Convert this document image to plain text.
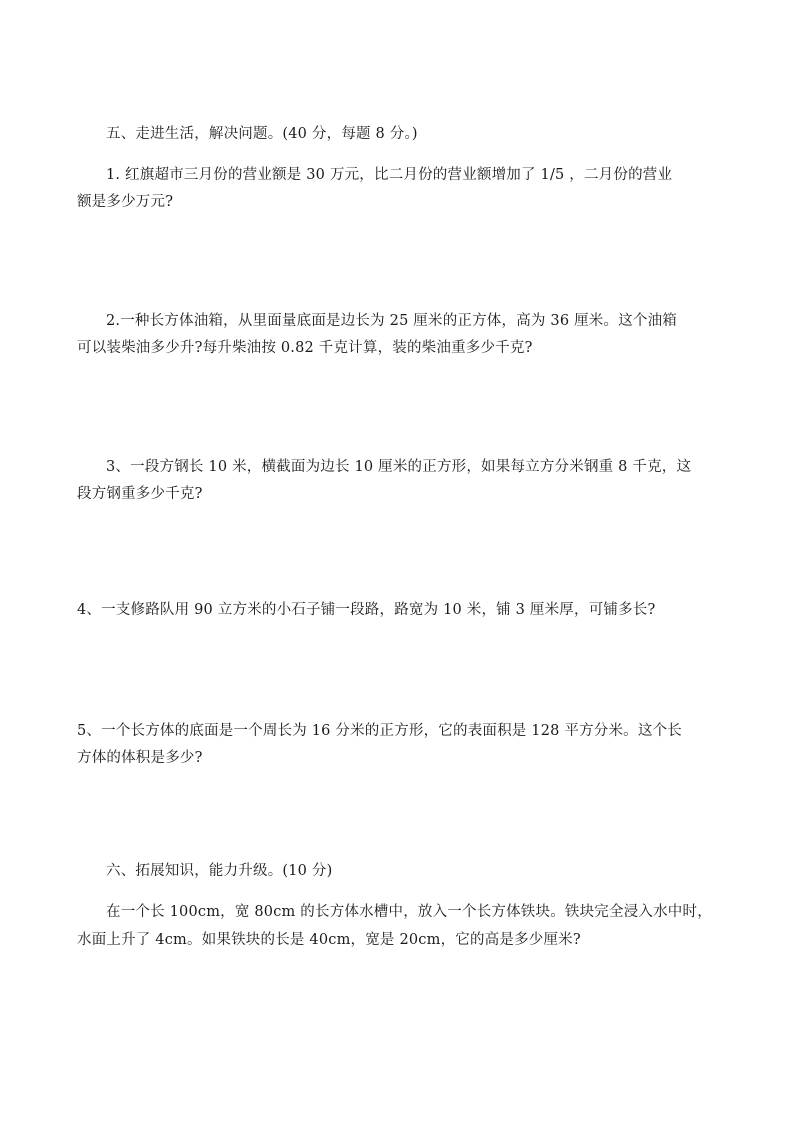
五、走进生活，解决问题。(40 分，每题 8 分。)
1. 红旗超市三月份的营业额是 30 万元，比二月份的营业额增加了 1/5 ，二月份的营业
额是多少万元?
2.一种长方体油箱，从里面量底面是边长为 25 厘米的正方体，高为 36 厘米。这个油箱
可以装柴油多少升?每升柴油按 0.82 千克计算，装的柴油重多少千克?
3、一段方钢长 10 米，横截面为边长 10 厘米的正方形，如果每立方分米钢重 8 千克，这
段方钢重多少千克?
4、一支修路队用 90 立方米的小石子铺一段路，路宽为 10 米，铺 3 厘米厚，可铺多长?
5、一个长方体的底面是一个周长为 16 分米的正方形，它的表面积是 128 平方分米。这个长
方体的体积是多少?
六、拓展知识，能力升级。(10 分)
在一个长 100cm，宽 80cm 的长方体水槽中，放入一个长方体铁块。铁块完全浸入水中时，
水面上升了 4cm。如果铁块的长是 40cm，宽是 20cm，它的高是多少厘米?
